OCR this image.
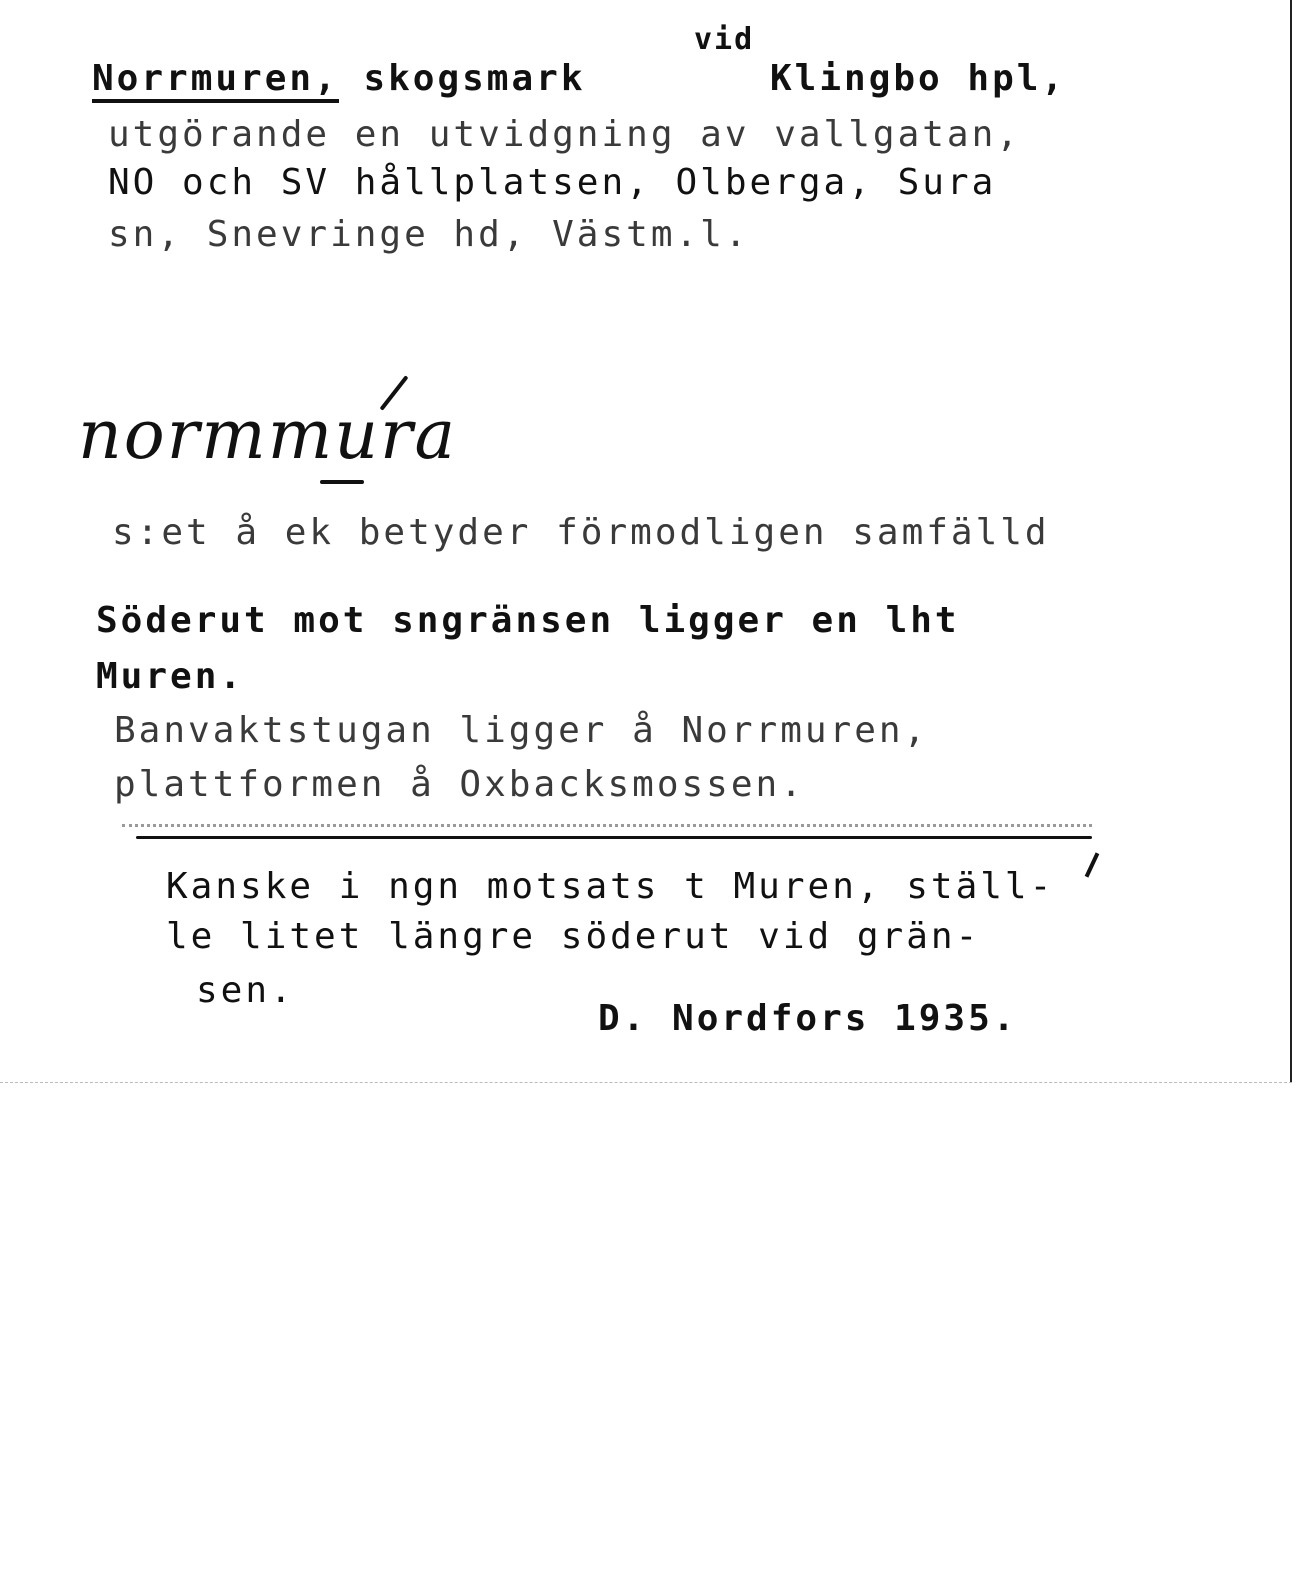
Norrmuren, skogsmark
vid
Klingbo hpl,
utgörande en utvidgning av vallgatan,
NO och SV hållplatsen, Olberga, Sura
sn, Snevringe hd, Västm.l.
normmura
s:et å ek betyder förmodligen samfälld
Söderut mot sngränsen ligger en lht
Muren.
Banvaktstugan ligger å Norrmuren,
plattformen å Oxbacksmossen.
Kanske i ngn motsats t Muren, ställ-
le litet längre söderut vid grän-
sen.
D. Nordfors 1935.
